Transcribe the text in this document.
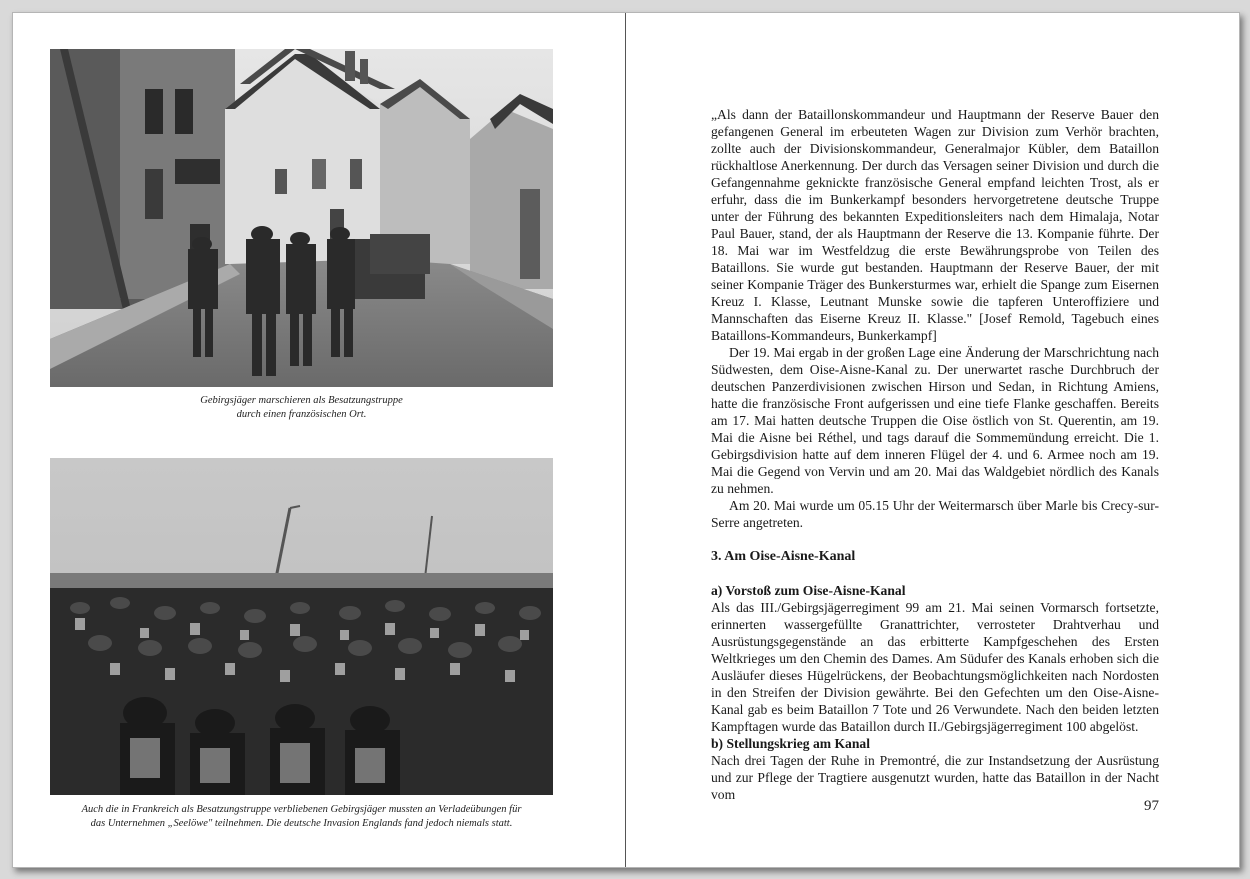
Gebirgsjäger marschieren als Besatzungstruppe
durch einen französischen Ort.
Auch die in Frankreich als Besatzungstruppe verbliebenen Gebirgsjäger mussten an Verladeübungen für
das Unternehmen „Seelöwe" teilnehmen. Die deutsche Invasion Englands fand jedoch niemals statt.

„Als dann der Bataillonskommandeur und Hauptmann der Reserve Bauer den gefangenen General im erbeuteten Wagen zur Division zum Verhör brachten, zollte auch der Divisionskommandeur, Generalmajor Kübler, dem Bataillon rückhaltlose Anerkennung. Der durch das Versagen seiner Division und durch die Gefangennahme geknickte französische General empfand leichten Trost, als er erfuhr, dass die im Bunkerkampf besonders hervorgetretene deutsche Truppe unter der Führung des bekannten Expeditionsleiters nach dem Himalaja, Notar Paul Bauer, stand, der als Hauptmann der Reserve die 13. Kompanie führte. Der 18. Mai war im Westfeldzug die erste Bewährungsprobe von Teilen des Bataillons. Sie wurde gut bestanden. Hauptmann der Reserve Bauer, der mit seiner Kompanie Träger des Bunkersturmes war, erhielt die Spange zum Eisernen Kreuz I. Klasse, Leutnant Munske sowie die tapferen Unteroffiziere und Mannschaften das Eiserne Kreuz II. Klasse." [Josef Remold, Tagebuch eines Bataillons-Kommandeurs, Bunkerkampf]

Der 19. Mai ergab in der großen Lage eine Änderung der Marschrichtung nach Südwesten, dem Oise-Aisne-Kanal zu. Der unerwartet rasche Durchbruch der deutschen Panzerdivisionen zwischen Hirson und Sedan, in Richtung Amiens, hatte die französische Front aufgerissen und eine tiefe Flanke geschaffen. Bereits am 17. Mai hatten deutsche Truppen die Oise östlich von St. Querentin, am 19. Mai die Aisne bei Réthel, und tags darauf die Sommemündung erreicht. Die 1. Gebirgsdivision hatte auf dem inneren Flügel der 4. und 6. Armee noch am 19. Mai die Gegend von Vervin und am 20. Mai das Waldgebiet nördlich des Kanals zu nehmen.

Am 20. Mai wurde um 05.15 Uhr der Weitermarsch über Marle bis Crecy-sur-Serre angetreten.

3. Am Oise-Aisne-Kanal
a) Vorstoß zum Oise-Aisne-Kanal

Als das III./Gebirgsjägerregiment 99 am 21. Mai seinen Vormarsch fortsetzte, erinnerten wassergefüllte Granattrichter, verrosteter Drahtverhau und Ausrüstungsgegenstände an das erbitterte Kampfgeschehen des Ersten Weltkrieges um den Chemin des Dames. Am Südufer des Kanals erhoben sich die Ausläufer dieses Hügelrückens, der Beobachtungsmöglichkeiten nach Nordosten in den Streifen der Division gewährte. Bei den Gefechten um den Oise-Aisne-Kanal gab es beim Bataillon 7 Tote und 26 Verwundete. Nach den beiden letzten Kampftagen wurde das Bataillon durch II./Gebirgsjägerregiment 100 abgelöst.

b) Stellungskrieg am Kanal

Nach drei Tagen der Ruhe in Premontré, die zur Instandsetzung der Ausrüstung und zur Pflege der Tragtiere ausgenutzt wurden, hatte das Bataillon in der Nacht vom

97
